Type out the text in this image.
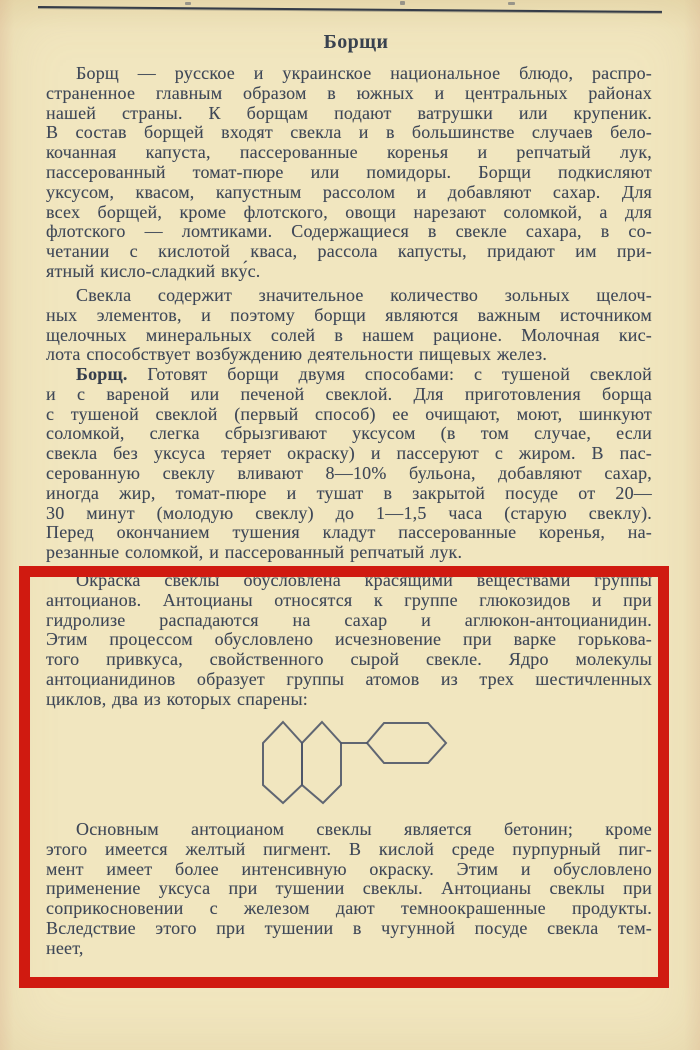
Борщи
Борщ — русское и украинское национальное блюдо, распро-
страненное главным образом в южных и центральных районах
нашей страны. К борщам подают ватрушки или крупеник.
В состав борщей входят свекла и в большинстве случаев бело-
кочанная капуста, пассерованные коренья и репчатый лук,
пассерованный томат-пюре или помидоры. Борщи подкисляют
уксусом, квасом, капустным рассолом и добавляют сахар. Для
всех борщей, кроме флотского, овощи нарезают соломкой, а для
флотского — ломтиками. Содержащиеся в свекле сахара, в со-
четании с кислотой кваса, рассола капусты, придают им при-
ятный кисло-сладкий вку́с.
Свекла содержит значительное количество зольных щелоч-
ных элементов, и поэтому борщи являются важным источником
щелочных минеральных солей в нашем рационе. Молочная кис-
лота способствует возбуждению деятельности пищевых желез.
Борщ. Готовят борщи двумя способами: с тушеной свеклой
и с вареной или печеной свеклой. Для приготовления борща
с тушеной свеклой (первый способ) ее очищают, моют, шинкуют
соломкой, слегка сбрызгивают уксусом (в том случае, если
свекла без уксуса теряет окраску) и пассеруют с жиром. В пас-
серованную свеклу вливают 8—10% бульона, добавляют сахар,
иногда жир, томат-пюре и тушат в закрытой посуде от 20—
30 минут (молодую свеклу) до 1—1,5 часа (старую свеклу).
Перед окончанием тушения кладут пассерованные коренья, на-
резанные соломкой, и пассерованный репчатый лук.
Окраска свеклы обусловлена красящими веществами группы
антоцианов. Антоцианы относятся к группе глюкозидов и при
гидролизе распадаются на сахар и аглюкон-антоцианидин.
Этим процессом обусловлено исчезновение при варке горькова-
того привкуса, свойственного сырой свекле. Ядро молекулы
антоцианидинов образует группы атомов из трех шестичленных
циклов, два из которых спарены:
Основным антоцианом свеклы является бетонин; кроме
этого имеется желтый пигмент. В кислой среде пурпурный пиг-
мент имеет более интенсивную окраску. Этим и обусловлено
применение уксуса при тушении свеклы. Антоцианы свеклы при
соприкосновении с железом дают темноокрашенные продукты.
Вследствие этого при тушении в чугунной посуде свекла тем-
неет,
